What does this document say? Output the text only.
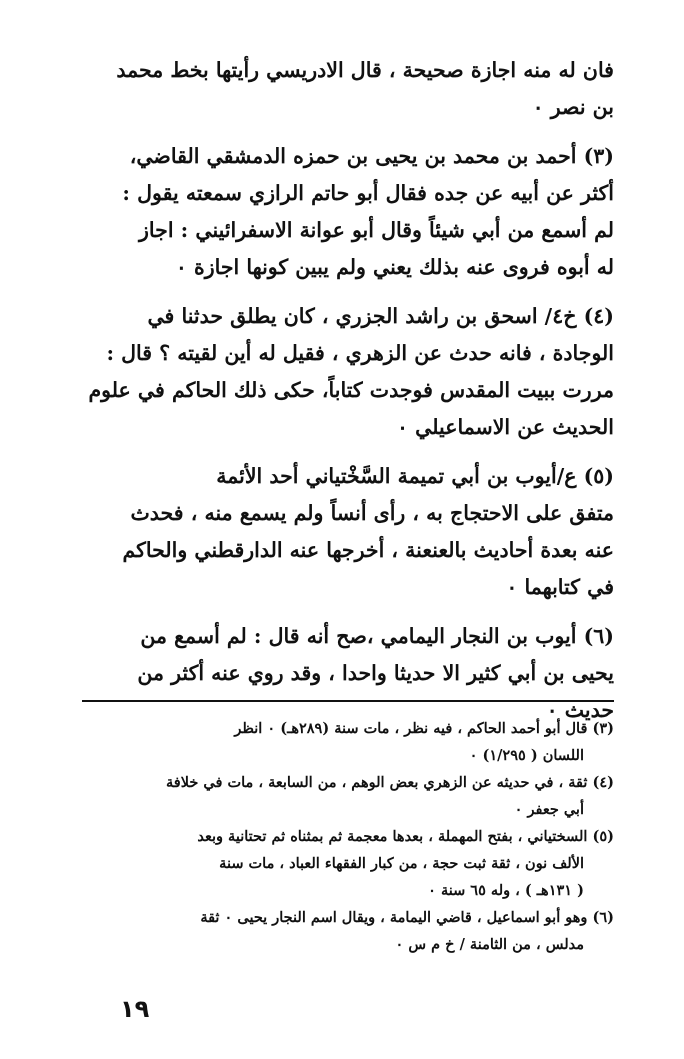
فان له منه اجازة صحيحة ، قال الادريسي رأيتها بخط محمد
بن نصر ٠
(٣) أحمد بن محمد بن يحيى بن حمزه الدمشقي القاضي،
أكثر عن أبيه عن جده فقال أبو حاتم الرازي سمعته يقول :
لم أسمع من أبي شيئاً وقال أبو عوانة الاسفرائيني : اجاز
له أبوه فروى عنه بذلك يعني ولم يبين كونها اجازة ٠
(٤) خ٤/ اسحق بن راشد الجزري ، كان يطلق حدثنا في
الوجادة ، فانه حدث عن الزهري ، فقيل له أين لقيته ؟ قال :
مررت ببيت المقدس فوجدت كتاباً، حكى ذلك الحاكم في علوم
الحديث عن الاسماعيلي ٠
(٥) ع/أيوب بن أبي تميمة السَّخْتياني أحد الأئمة
متفق على الاحتجاج به ، رأى أنساً ولم يسمع منه ، فحدث
عنه بعدة أحاديث بالعنعنة ، أخرجها عنه الدارقطني والحاكم
في كتابهما ٠
(٦) أيوب بن النجار اليمامي ،صح أنه قال : لم أسمع من
يحيى بن أبي كثير الا حديثا واحدا ، وقد روي عنه أكثر من
حديث ٠
(٣) قال أبو أحمد الحاكم ، فيه نظر ، مات سنة (٢٨٩هـ) ٠ انظر
اللسان ( ١/٢٩٥) ٠
(٤) ثقة ، في حديثه عن الزهري بعض الوهم ، من السابعة ، مات في خلافة
أبي جعفر ٠
(٥) السختياني ، بفتح المهملة ، بعدها معجمة ثم بمثناه ثم تحتانية وبعد
الألف نون ، ثقة ثبت حجة ، من كبار الفقهاء العباد ، مات سنة
( ١٣١هـ ) ، وله ٦٥ سنة ٠
(٦) وهو أبو اسماعيل ، قاضي اليمامة ، ويقال اسم النجار يحيى ٠ ثقة
مدلس ، من الثامنة / خ م س ٠
١٩
